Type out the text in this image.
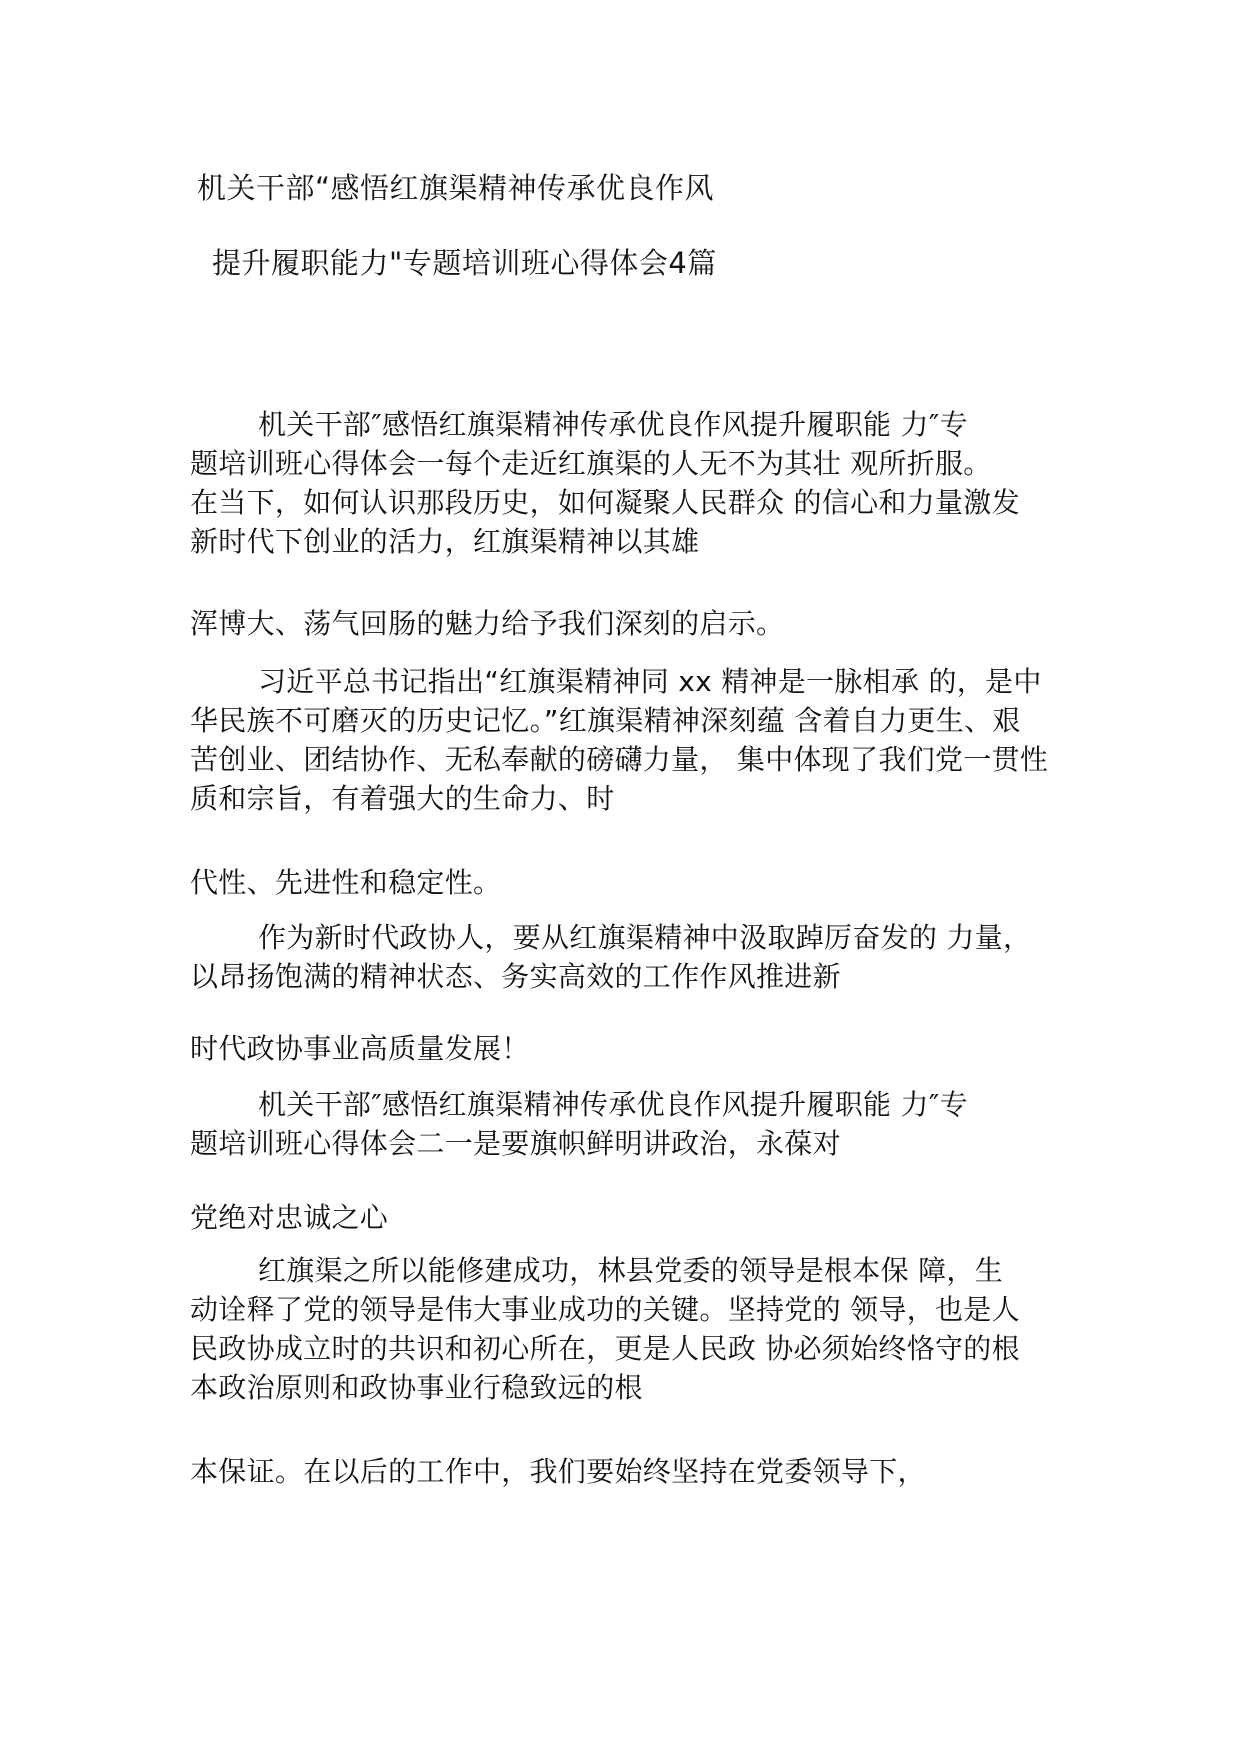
机关干部“感悟红旗渠精神传承优良作风
提升履职能力"专题培训班心得体会4篇
机关干部″感悟红旗渠精神传承优良作风提升履职能 力″专
题培训班心得体会一每个走近红旗渠的人无不为其壮 观所折服。
在当下，如何认识那段历史，如何凝聚人民群众 的信心和力量激发
新时代下创业的活力，红旗渠精神以其雄
浑博大、荡气回肠的魅力给予我们深刻的启示。
习近平总书记指出“红旗渠精神同 xx 精神是一脉相承 的，是中
华民族不可磨灭的历史记忆。”红旗渠精神深刻蕴 含着自力更生、艰
苦创业、团结协作、无私奉献的磅礴力量， 集中体现了我们党一贯性
质和宗旨，有着强大的生命力、时
代性、先进性和稳定性。
作为新时代政协人，要从红旗渠精神中汲取踔厉奋发的 力量，
以昂扬饱满的精神状态、务实高效的工作作风推进新
时代政协事业高质量发展！
机关干部″感悟红旗渠精神传承优良作风提升履职能 力″专
题培训班心得体会二一是要旗帜鲜明讲政治，永葆对
党绝对忠诚之心
红旗渠之所以能修建成功，林县党委的领导是根本保 障，生
动诠释了党的领导是伟大事业成功的关键。坚持党的 领导，也是人
民政协成立时的共识和初心所在，更是人民政 协必须始终恪守的根
本政治原则和政协事业行稳致远的根
本保证。在以后的工作中，我们要始终坚持在党委领导下，
